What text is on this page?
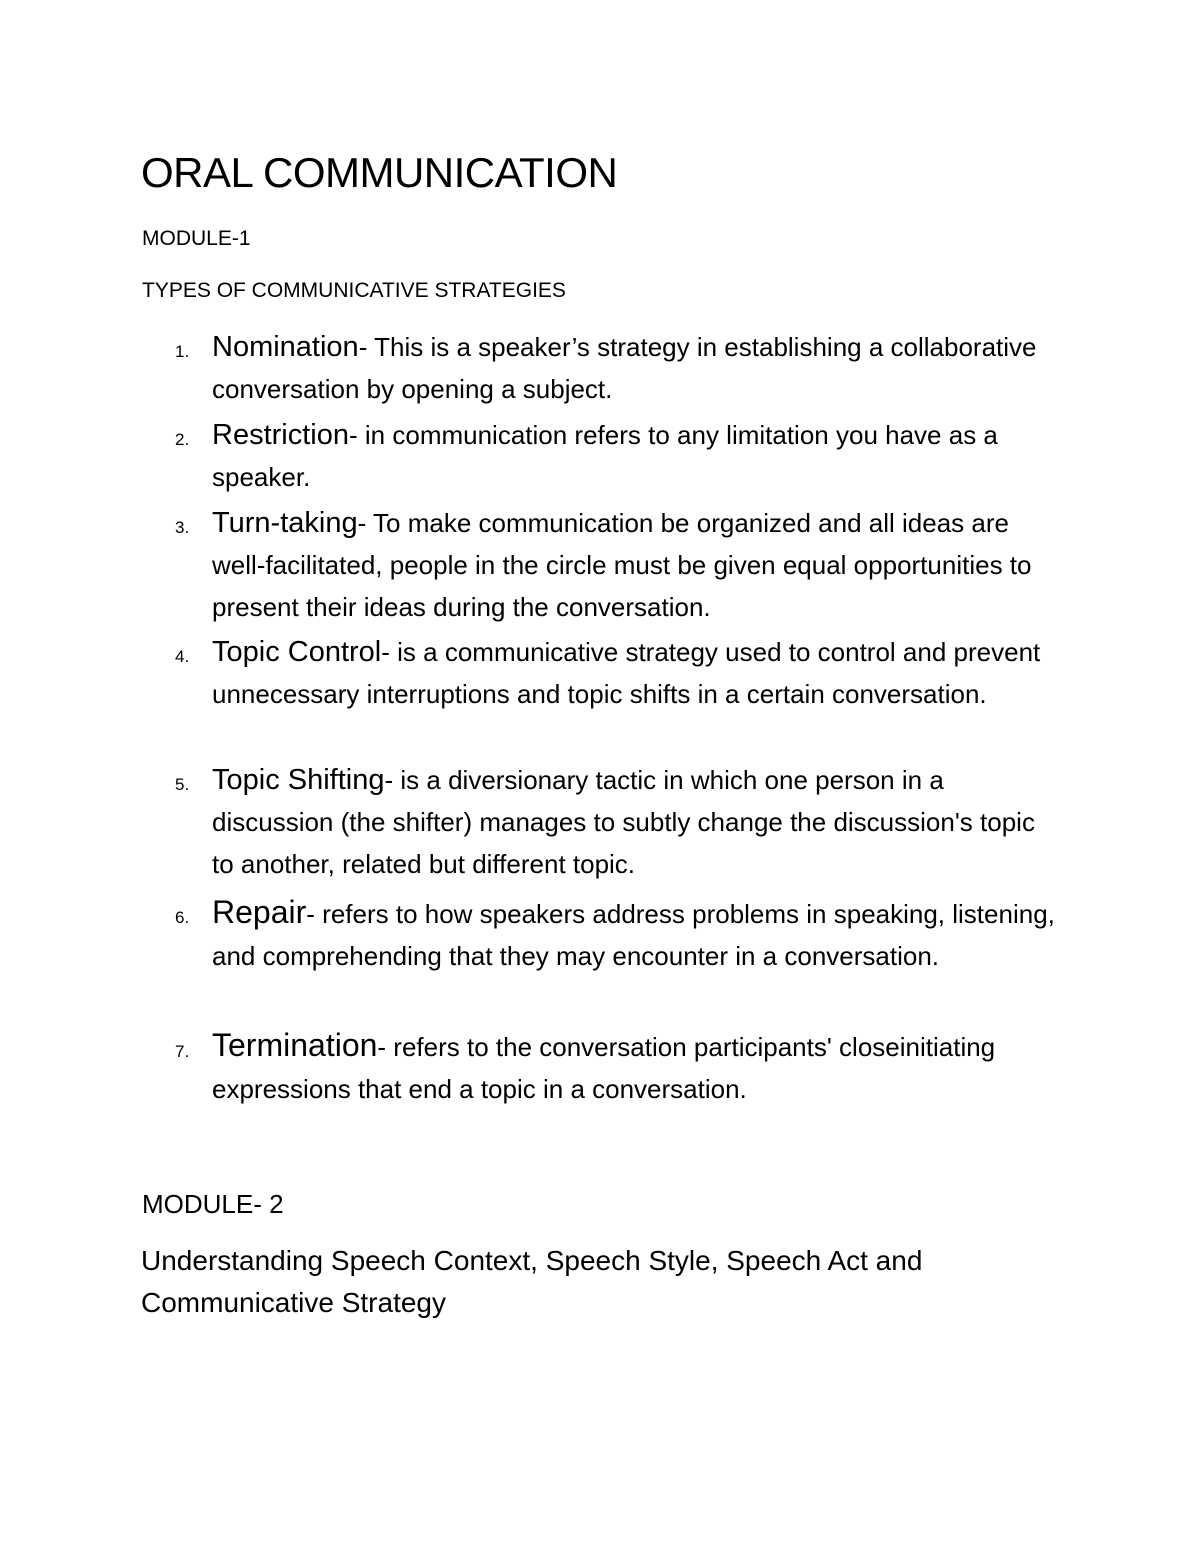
ORAL COMMUNICATION
MODULE-1
TYPES OF COMMUNICATIVE STRATEGIES
1. Nomination- This is a speaker’s strategy in establishing a collaborative conversation by opening a subject.
2. Restriction- in communication refers to any limitation you have as a speaker.
3. Turn-taking- To make communication be organized and all ideas are well-facilitated, people in the circle must be given equal opportunities to present their ideas during the conversation.
4. Topic Control- is a communicative strategy used to control and prevent unnecessary interruptions and topic shifts in a certain conversation.
5. Topic Shifting- is a diversionary tactic in which one person in a discussion (the shifter) manages to subtly change the discussion's topic to another, related but different topic.
6. Repair- refers to how speakers address problems in speaking, listening, and comprehending that they may encounter in a conversation.
7. Termination- refers to the conversation participants' closeinitiating expressions that end a topic in a conversation.
MODULE- 2
Understanding Speech Context, Speech Style, Speech Act and Communicative Strategy
